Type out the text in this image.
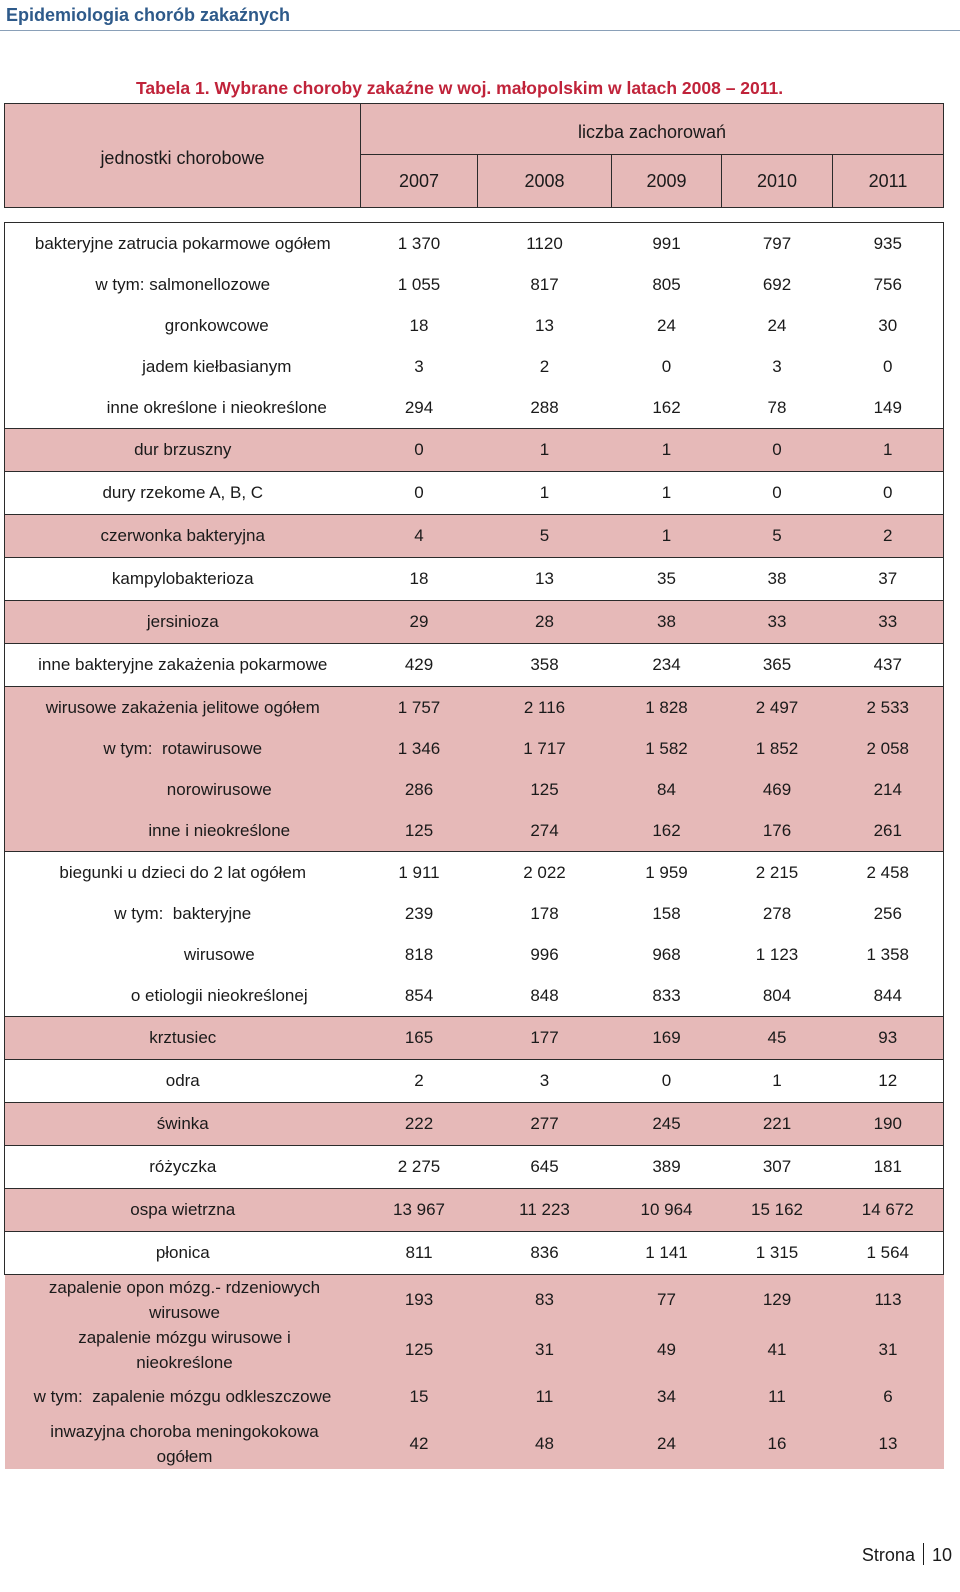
Epidemiologia chorób zakaźnych
Tabela 1. Wybrane choroby zakaźne w woj. małopolskim w latach 2008 – 2011.
jednostki chorobowe	liczba zachorowań				
	2007	2008	2009	2010	2011

bakteryjne zatrucia pokarmowe ogółem	1 370	1120	991	797	935
w tym: salmonellozowe	1 055	817	805	692	756
gronkowcowe	18	13	24	24	30
jadem kiełbasianym	3	2	0	3	0
inne określone i nieokreślone	294	288	162	78	149
dur brzuszny	0	1	1	0	1
dury rzekome A, B, C	0	1	1	0	0
czerwonka bakteryjna	4	5	1	5	2
kampylobakterioza	18	13	35	38	37
jersinioza	29	28	38	33	33
inne bakteryjne zakażenia pokarmowe	429	358	234	365	437
wirusowe zakażenia jelitowe ogółem	1 757	2 116	1 828	2 497	2 533
w tym:  rotawirusowe	1 346	1 717	1 582	1 852	2 058
norowirusowe	286	125	84	469	214
inne i nieokreślone	125	274	162	176	261
biegunki u dzieci do 2 lat ogółem	1 911	2 022	1 959	2 215	2 458
w tym:  bakteryjne	239	178	158	278	256
wirusowe	818	996	968	1 123	1 358
o etiologii nieokreślonej	854	848	833	804	844
krztusiec	165	177	169	45	93
odra	2	3	0	1	12
świnka	222	277	245	221	190
różyczka	2 275	645	389	307	181
ospa wietrzna	13 967	11 223	10 964	15 162	14 672
płonica	811	836	1 141	1 315	1 564

zapalenie opon mózg.- rdzeniowych
wirusowe	193	83	77	129	113

zapalenie mózgu wirusowe i
nieokreślone	125	31	49	41	31
w tym:  zapalenie mózgu odkleszczowe	15	11	34	11	6

inwazyjna choroba meningokokowa
ogółem	42	48	24	16	13
Strona 10
